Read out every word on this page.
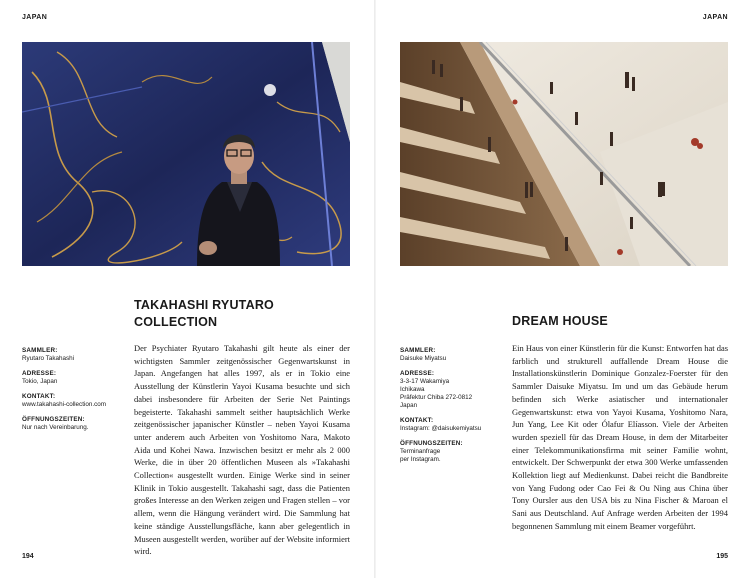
JAPAN
TAKAHASHI RYUTARO
COLLECTION
SAMMLER:
Ryutaro Takahashi
ADRESSE:
Tokio, Japan
KONTAKT:
www.takahashi-collection.com
ÖFFNUNGSZEITEN:
Nur nach Vereinbarung.

Der Psychiater Ryutaro Takahashi gilt heute als einer der wichtigsten Sammler zeitgenössischer Gegenwartskunst in Japan. Angefangen hat alles 1997, als er in Tokio eine Ausstellung der Künstlerin Yayoi Kusama besuchte und sich dabei insbesondere für Arbeiten der Serie Net Paintings begeisterte. Takahashi sammelt seither hauptsächlich Werke zeitgenössischer japanischer Künstler – neben Yayoi Kusama unter anderem auch Arbeiten von Yoshitomo Nara, Makoto Aida und Kohei Nawa. Inzwischen besitzt er mehr als 2 000 Werke, die in über 20 öffentlichen Museen als »Takahashi Collection« ausgestellt wurden. Einige Werke sind in seiner Klinik in Tokio ausgestellt. Takahashi sagt, dass die Patienten großes Interesse an den Werken zeigen und Fragen stellen – vor allem, wenn die Hängung verändert wird. Die Sammlung hat keine ständige Ausstellungsfläche, kann aber gelegentlich in Museen ausgestellt werden, worüber auf der Website informiert wird.

194
JAPAN
DREAM HOUSE
SAMMLER:
Daisuke Miyatsu
ADRESSE:
3-3-17 Wakamiya
Ichikawa
Präfektur Chiba 272-0812
Japan
KONTAKT:
Instagram: @daisukemiyatsu
ÖFFNUNGSZEITEN:
Terminanfrage
per Instagram.

Ein Haus von einer Künstlerin für die Kunst: Entworfen hat das farblich und strukturell auffallende Dream House die Installationskünstlerin Dominique Gonzalez-Foerster für den Sammler Daisuke Miyatsu. Im und um das Gebäude herum befinden sich Werke asiatischer und internationaler Gegenwartskunst: etwa von Yayoi Kusama, Yoshitomo Nara, Jun Yang, Lee Kit oder Ólafur Elíasson. Viele der Arbeiten wurden speziell für das Dream House, in dem der Mitarbeiter einer Telekommunikationsfirma mit seiner Familie wohnt, entwickelt. Der Schwerpunkt der etwa 300 Werke umfassenden Kollektion liegt auf Medienkunst. Dabei reicht die Bandbreite von Yang Fudong oder Cao Fei & Ou Ning aus China über Tony Oursler aus den USA bis zu Nina Fischer & Maroan el Sani aus Deutschland. Auf Anfrage werden Arbeiten der 1994 begonnenen Sammlung mit einem Beamer vorgeführt.

195
